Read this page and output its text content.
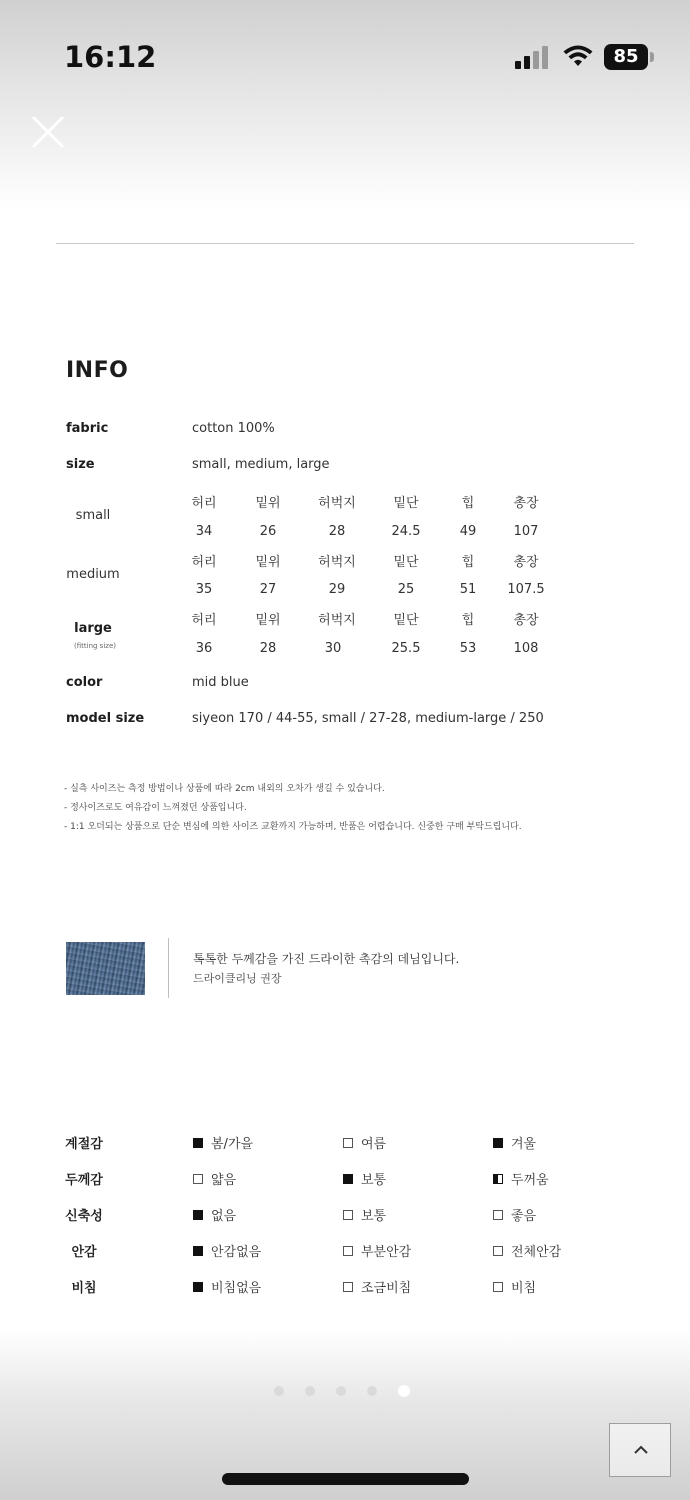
16:12	85
INFO
fabric	cotton 100%
size	small, medium, large
small
허리	밑위	허벅지	밑단	힙	총장
34	26	28	24.5	49	107
medium
허리	밑위	허벅지	밑단	힙	총장
35	27	29	25	51	107.5
large
(fitting size)
허리	밑위	허벅지	밑단	힙	총장
36	28	30	25.5	53	108
color	mid blue
model size	siyeon 170 / 44-55, small / 27-28, medium-large / 250
- 실측 사이즈는 측정 방법이나 상품에 따라 2cm 내외의 오차가 생길 수 있습니다.
- 정사이즈로도 여유감이 느껴졌던 상품입니다.
- 1:1 오더되는 상품으로 단순 변심에 의한 사이즈 교환까지 가능하며, 반품은 어렵습니다. 신중한 구매 부탁드립니다.
톡톡한 두께감을 가진 드라이한 촉감의 데님입니다.
드라이클리닝 권장
계절감	봄/가을	여름	겨울
두께감	얇음	보통	두꺼움
신축성	없음	보통	좋음
안감	안감없음	부분안감	전체안감
비침	비침없음	조금비침	비침
